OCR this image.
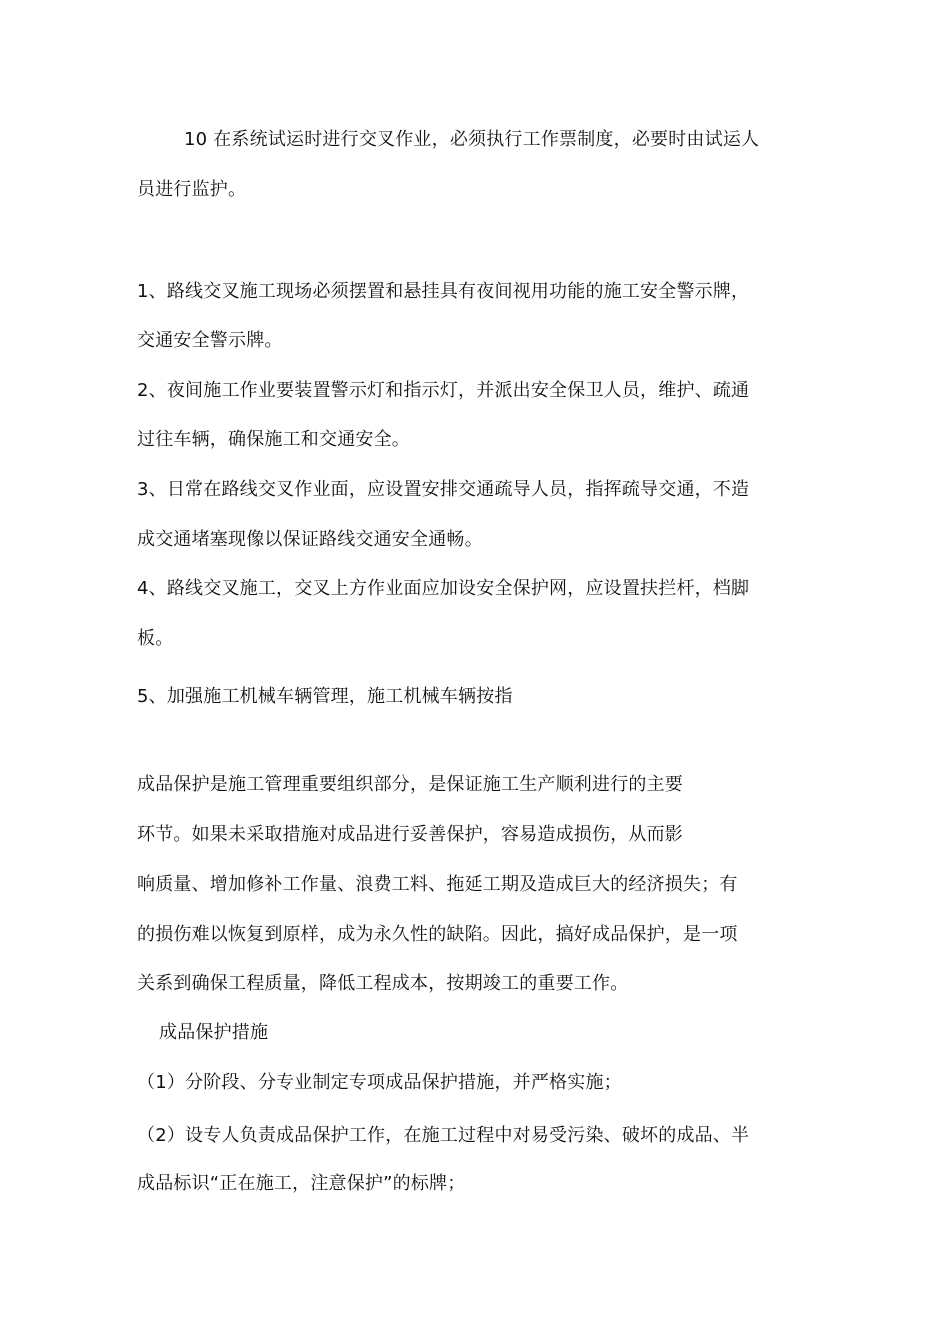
10 在系统试运时进行交叉作业，必须执行工作票制度，必要时由试运人
员进行监护。
1、路线交叉施工现场必须摆置和悬挂具有夜间视用功能的施工安全警示牌，
交通安全警示牌。
2、夜间施工作业要装置警示灯和指示灯，并派出安全保卫人员，维护、疏通
过往车辆，确保施工和交通安全。
3、日常在路线交叉作业面，应设置安排交通疏导人员，指挥疏导交通，不造
成交通堵塞现像以保证路线交通安全通畅。
4、路线交叉施工，交叉上方作业面应加设安全保护网，应设置扶拦杆，档脚
板。
5、加强施工机械车辆管理，施工机械车辆按指
成品保护是施工管理重要组织部分，是保证施工生产顺利进行的主要
环节。如果未采取措施对成品进行妥善保护，容易造成损伤，从而影
响质量、增加修补工作量、浪费工料、拖延工期及造成巨大的经济损失；有
的损伤难以恢复到原样，成为永久性的缺陷。因此，搞好成品保护，是一项
关系到确保工程质量，降低工程成本，按期竣工的重要工作。
成品保护措施
（1）分阶段、分专业制定专项成品保护措施，并严格实施；
（2）设专人负责成品保护工作，在施工过程中对易受污染、破坏的成品、半
成品标识“正在施工，注意保护”的标牌；
